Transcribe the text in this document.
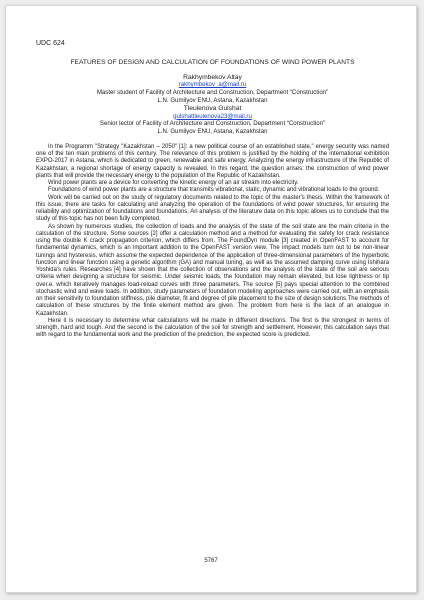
UDC 624
FEATURES OF DESIGN AND CALCULATION OF FOUNDATIONS OF WIND POWER PLANTS
Rakhymbekov Altay
rakhymbekov_a@mail.ru
Master student of Facility of Architecture and Construction, Department “Construction”
L.N. Gumilyov ENU, Astana, Kazakhstan
Tleulenova Gulshat
gulshattleulenova23@mail.ru
Senior lector of Facility of Architecture and Construction, Department “Construction”
L.N. Gumilyov ENU, Astana, Kazakhstan

In the Programm "Strategy "Kazakhstan – 2050" [1]: a new political course of an established state," energy security was named one of the ten main problems of this century. The relevance of this problem is justified by the holding of the international exhibition EXPO-2017 in Astana, which is dedicated to green, renewable and safe energy. Analyzing the energy infrastructure of the Republic of Kazakhstan, a regional shortage of energy capacity is revealed. In this regard, the question arises: the construction of wind power plants that will provide the necessary energy to the population of the Republic of Kazakhstan.

Wind power plants are a device for converting the kinetic energy of an air stream into electricity.

Foundations of wind power plants are a structure that transmits vibrational, static, dynamic and vibrational loads to the ground.

Work will be carried out on the study of regulatory documents related to the topic of the master's thesis. Within the framework of this issue, there are tasks for calculating and analyzing the operation of the foundations of wind power structures, for ensuring the reliability and optimization of foundations and foundations. An analysis of the literature data on this topic allows us to conclude that the study of this topic has not been fully completed.

As shown by numerous studies, the collection of loads and the analysis of the state of the soil state are the main criteria in the calculation of the structure. Some sources [2] offer a calculation method and a method for evaluating the safety for crack resistance using the double K crack propagation criterion, which differs from. The FoundDyn module [3] created in OpenFAST to account for fundamental dynamics, which is an important addition to the OpenFAST version view. The impact models turn out to be non-linear tunings and hysteresis, which assume the expected dependence of the application of three-dimensional parameters of the hyperbolic function and linear function using a genetic algorithm (GA) and manual tuning, as well as the assumed damping curve using Ishihara Yoshida's rules. Researches [4] have shown that the collection of observations and the analysis of the state of the soil are serious criteria when designing a structure for seismic. Under seismic loads, the foundation may remain elevated, but lose lightness or tip over.e. which iteratively manages load-reload curves with three parameters. The source [5] pays special attention to the combined stochastic wind and wave loads. In addition, study parameters of foundation modeling approaches were carried out, with an emphasis on their sensitivity to foundation stiffness, pile diameter, fit and degree of pile placement to the size of design solutions.The methods of calculation of these structures by the finite element method are given. The problem from here is the lack of an analogue in Kazakhstan.

Here it is necessary to determine what calculations will be made in different directions. The first is the strongest in terms of strength, hard and tough. And the second is the calculation of the soil for strength and settlement. However, this calculation says that with regard to the fundamental work and the prediction of the prediction, the expected score is predicted.

5767
